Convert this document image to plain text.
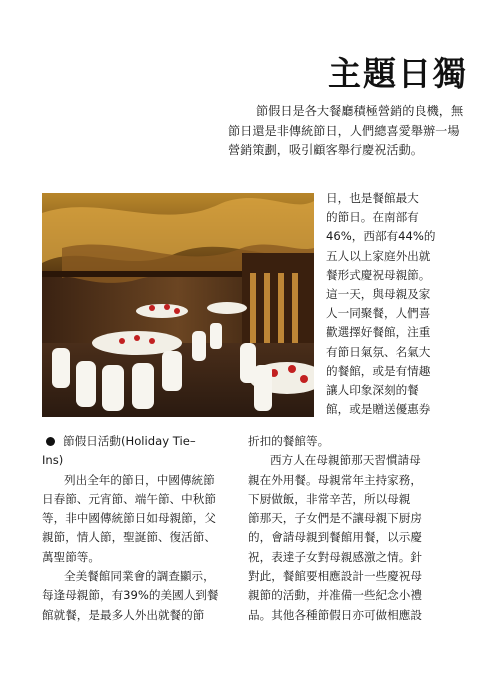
主題日獨
節假日是各大餐廳積極營銷的良機，無
節日還是非傳統節日，人們總喜愛舉辦一場
營銷策劃，吸引顧客舉行慶祝活動。
日，也是餐館最大
的節日。在南部有
46%，西部有44%的
五人以上家庭外出就
餐形式慶祝母親節。
這一天，與母親及家
人一同聚餐，人們喜
歡選擇好餐館，注重
有節日氣氛、名氣大
的餐館，或是有情趣
讓人印象深刻的餐
館，或是贈送優惠券
折扣的餐館等。
西方人在母親節那天習慣請母
親在外用餐。母親常年主持家務，
下厨做飯，非常辛苦，所以母親
節那天，子女們是不讓母親下厨房
的，會請母親到餐館用餐，以示慶
祝，表達子女對母親感激之情。針
對此，餐館要相應設計一些慶祝母
親節的活動，并准備一些紀念小禮
品。其他各種節假日亦可做相應設
節假日活動(Holiday Tie–
Ins)
列出全年的節日，中國傳統節
日春節、元宵節、端午節、中秋節
等，非中國傳統節日如母親節，父
親節，情人節，聖誕節、復活節、
萬聖節等。
全美餐館同業會的調查顯示，
每逢母親節，有39%的美國人到餐
館就餐，是最多人外出就餐的節
